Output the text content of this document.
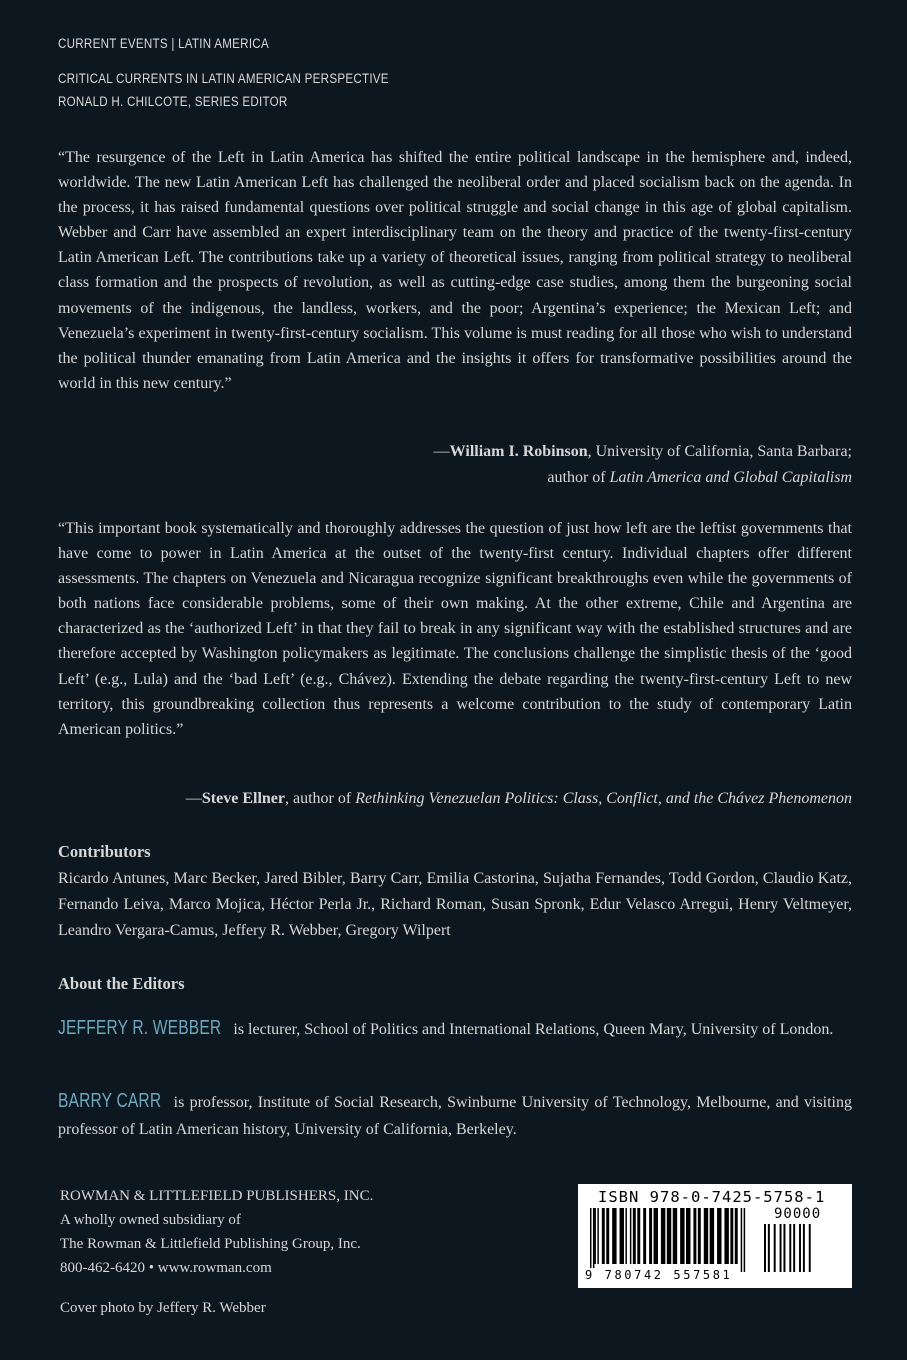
CURRENT EVENTS | LATIN AMERICA

CRITICAL CURRENTS IN LATIN AMERICAN PERSPECTIVE

RONALD H. CHILCOTE, SERIES EDITOR

“The resurgence of the Left in Latin America has shifted the entire political landscape in the hemisphere and, indeed, worldwide. The new Latin American Left has challenged the neoliberal order and placed socialism back on the agenda. In the process, it has raised fundamental questions over political struggle and social change in this age of global capitalism. Webber and Carr have assembled an expert interdisciplinary team on the theory and practice of the twenty-first-century Latin American Left. The contributions take up a variety of theoretical issues, ranging from political strategy to neoliberal class formation and the prospects of revolution, as well as cutting-edge case studies, among them the burgeoning social movements of the indigenous, the landless, workers, and the poor; Argentina’s experience; the Mexican Left; and Venezuela’s experiment in twenty-first-century socialism. This volume is must reading for all those who wish to understand the political thunder emanating from Latin America and the insights it offers for transformative possibilities around the world in this new century.”

—William I. Robinson, University of California, Santa Barbara;

author of Latin America and Global Capitalism

“This important book systematically and thoroughly addresses the question of just how left are the leftist governments that have come to power in Latin America at the outset of the twenty-first century. Individual chapters offer different assessments. The chapters on Venezuela and Nicaragua recognize significant breakthroughs even while the governments of both nations face considerable problems, some of their own making. At the other extreme, Chile and Argentina are characterized as the ‘authorized Left’ in that they fail to break in any significant way with the established structures and are therefore accepted by Washington policymakers as legitimate. The conclusions challenge the simplistic thesis of the ‘good Left’ (e.g., Lula) and the ‘bad Left’ (e.g., Chávez). Extending the debate regarding the twenty-first-century Left to new territory, this groundbreaking collection thus represents a welcome contribution to the study of contemporary Latin American politics.”

—Steve Ellner, author of Rethinking Venezuelan Politics: Class, Conflict, and the Chávez Phenomenon

Contributors

Ricardo Antunes, Marc Becker, Jared Bibler, Barry Carr, Emilia Castorina, Sujatha Fernandes, Todd Gordon, Claudio Katz, Fernando Leiva, Marco Mojica, Héctor Perla Jr., Richard Roman, Susan Spronk, Edur Velasco Arregui, Henry Veltmeyer, Leandro Vergara-Camus, Jeffery R. Webber, Gregory Wilpert

About the Editors

JEFFERY R. WEBBER is lecturer, School of Politics and International Relations, Queen Mary, University of London.

BARRY CARR is professor, Institute of Social Research, Swinburne University of Technology, Melbourne, and visiting professor of Latin American history, University of California, Berkeley.

ROWMAN & LITTLEFIELD PUBLISHERS, INC.
A wholly owned subsidiary of
The Rowman & Littlefield Publishing Group, Inc.
800-462-6420 • www.rowman.com

Cover photo by Jeffery R. Webber

ISBN 978-0-7425-5758-1
90000
9 780742 557581
